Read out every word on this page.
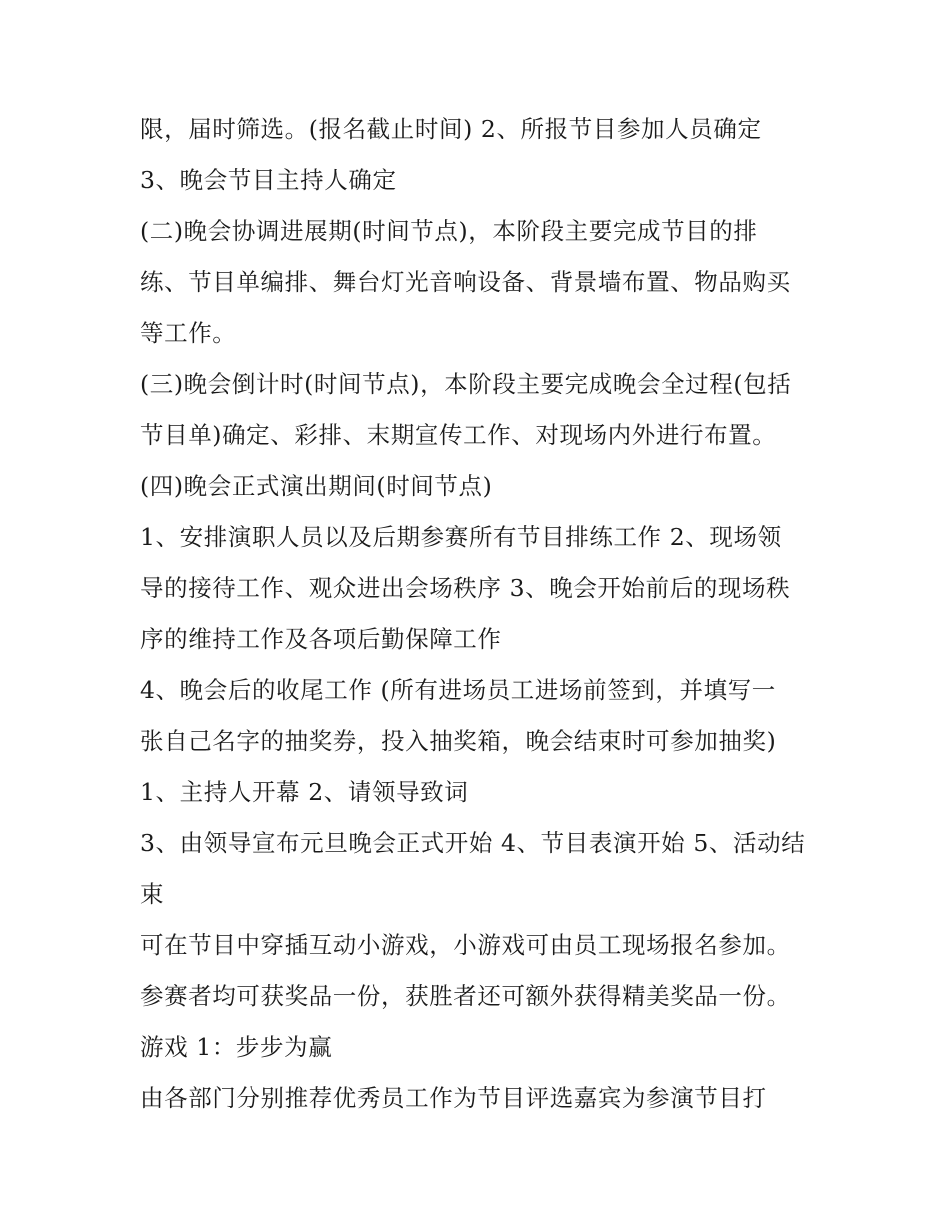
限，届时筛选。(报名截止时间) 2、所报节目参加人员确定
3、晚会节目主持人确定
(二)晚会协调进展期(时间节点)，本阶段主要完成节目的排
练、节目单编排、舞台灯光音响设备、背景墙布置、物品购买
等工作。
(三)晚会倒计时(时间节点)，本阶段主要完成晚会全过程(包括
节目单)确定、彩排、末期宣传工作、对现场内外进行布置。
(四)晚会正式演出期间(时间节点)
1、安排演职人员以及后期参赛所有节目排练工作 2、现场领
导的接待工作、观众进出会场秩序 3、晚会开始前后的现场秩
序的维持工作及各项后勤保障工作
4、晚会后的收尾工作 (所有进场员工进场前签到，并填写一
张自己名字的抽奖券，投入抽奖箱，晚会结束时可参加抽奖)
1、主持人开幕 2、请领导致词
3、由领导宣布元旦晚会正式开始 4、节目表演开始 5、活动结
束
可在节目中穿插互动小游戏，小游戏可由员工现场报名参加。
参赛者均可获奖品一份，获胜者还可额外获得精美奖品一份。
游戏 1：步步为赢
由各部门分别推荐优秀员工作为节目评选嘉宾为参演节目打
